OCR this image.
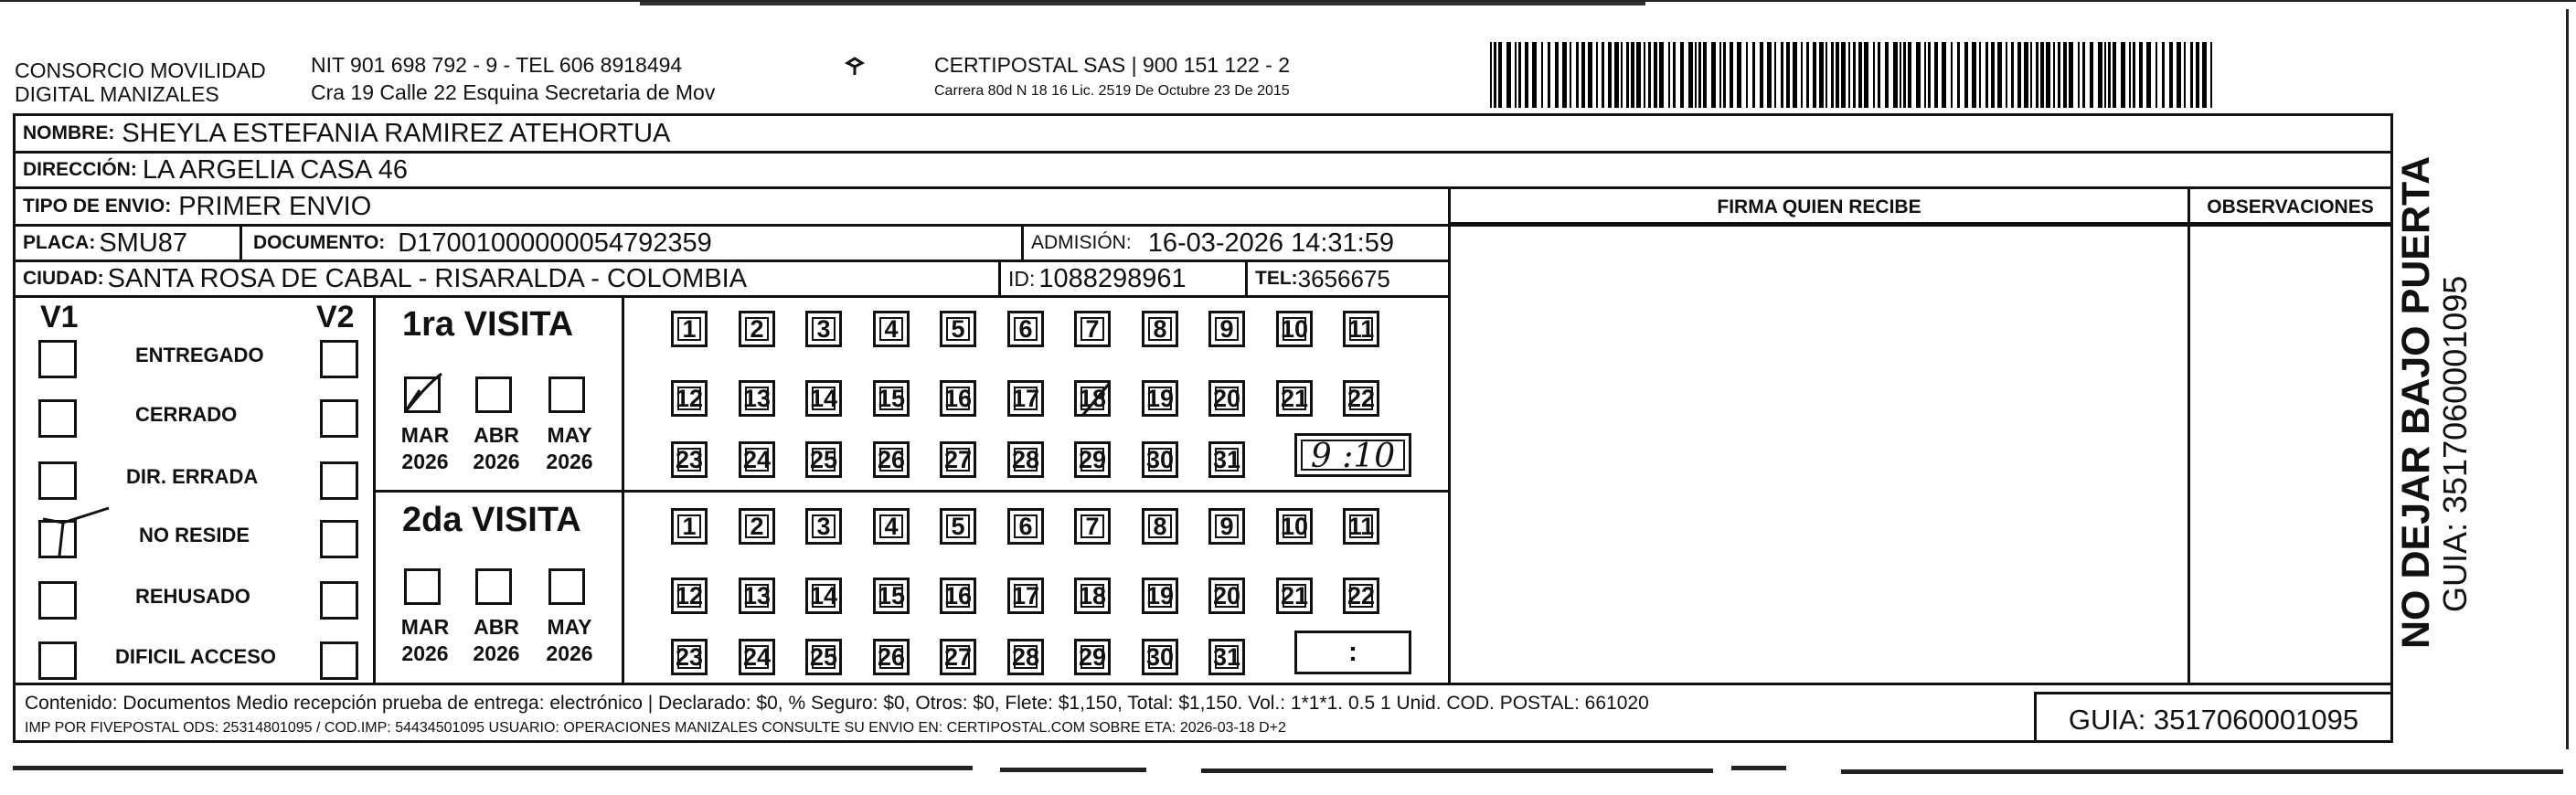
CONSORCIO MOVILIDAD
DIGITAL MANIZALES
NIT 901 698 792 - 9 - TEL 606 8918494
Cra 19 Calle 22 Esquina Secretaria de Mov
CERTIPOSTAL SAS | 900 151 122 - 2
Carrera 80d N 18 16 Lic. 2519 De Octubre 23 De 2015
NOMBRE: SHEYLA ESTEFANIA RAMIREZ ATEHORTUA
DIRECCIÓN: LA ARGELIA CASA 46
TIPO DE ENVIO: PRIMER ENVIO	FIRMA QUIEN RECIBE	OBSERVACIONES
PLACA: SMU87	DOCUMENTO: D17001000000054792359	ADMISIÓN: 16-03-2026 14:31:59
CIUDAD: SANTA ROSA DE CABAL - RISARALDA - COLOMBIA	ID: 1088298961	TEL: 3656675
V1	V2
ENTREGADO
CERRADO
DIR. ERRADA
NO RESIDE
REHUSADO
DIFICIL ACCESO
1ra VISITA
2da VISITA
MAR
2026
ABR
2026
MAY
2026
MAR
2026
ABR
2026
MAY
2026
1 2 3 4 5 6 7 8 9 10 11
12 13 14 15 16 17 18 19 20 21 22
23 24 25 26 27 28 29 30 31
1 2 3 4 5 6 7 8 9 10 11
12 13 14 15 16 17 18 19 20 21 22
23 24 25 26 27 28 29 30 31
9 :10
:
Contenido: Documentos Medio recepción prueba de entrega: electrónico | Declarado: $0, % Seguro: $0, Otros: $0, Flete: $1,150, Total: $1,150. Vol.: 1*1*1. 0.5 1 Unid. COD. POSTAL: 661020
IMP POR FIVEPOSTAL ODS: 25314801095 / COD.IMP: 54434501095 USUARIO: OPERACIONES MANIZALES CONSULTE SU ENVIO EN: CERTIPOSTAL.COM SOBRE ETA: 2026-03-18 D+2	GUIA: 3517060001095
NO DEJAR BAJO PUERTA
GUIA: 3517060001095
